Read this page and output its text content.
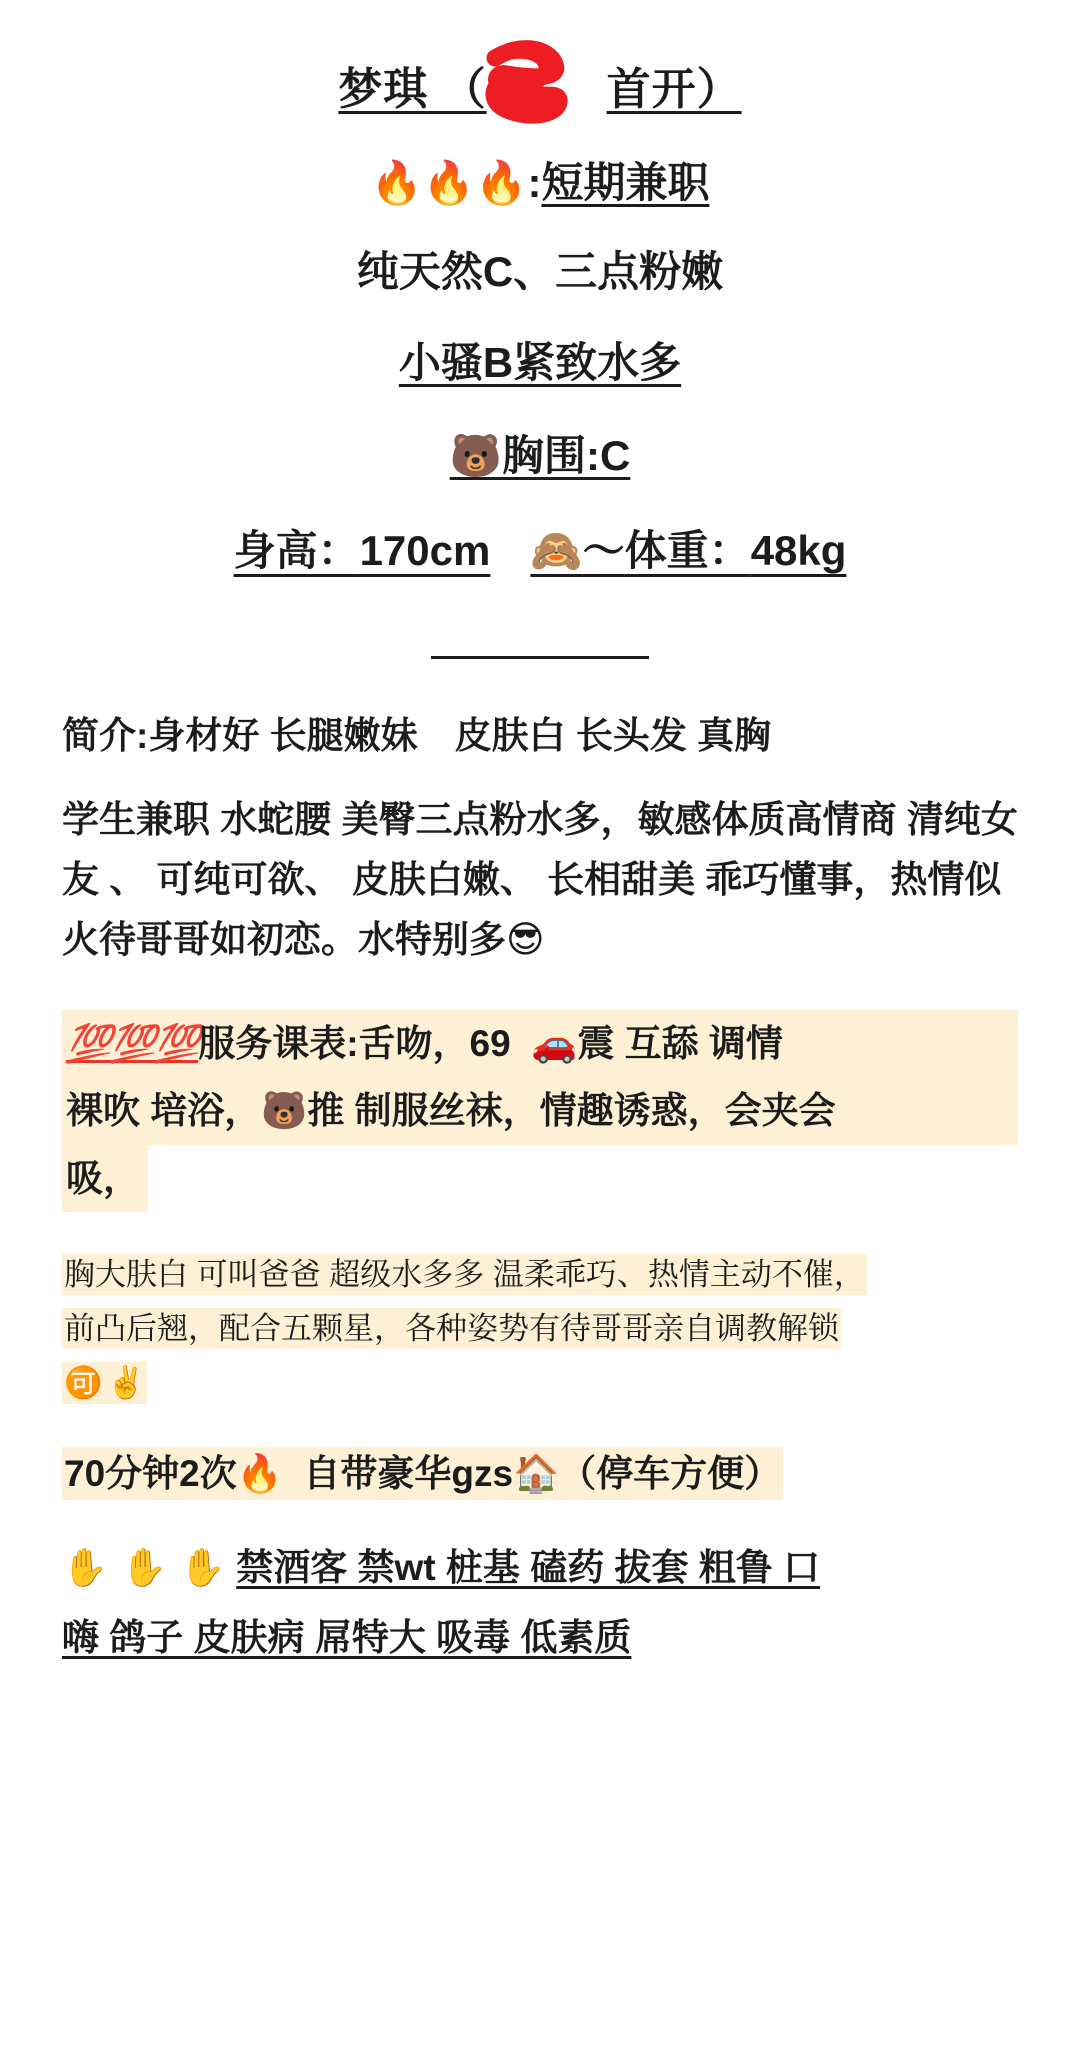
梦琪 （	首开）
🔥🔥🔥:短期兼职
纯天然C、三点粉嫩
小骚B紧致水多
🐻胸围:C
身高：170cm 🙈～体重：48kg
简介:身材好 长腿嫩妹　皮肤白 长头发 真胸
学生兼职 水蛇腰 美臀三点粉水多，敏感体质高情商 清纯女友 、 可纯可欲、 皮肤白嫩、 长相甜美 乖巧懂事，热情似火待哥哥如初恋。水特别多😎
💯💯💯服务课表:舌吻，69 🚗震 互舔 调情
裸吹 培浴，🐻推 制服丝袜，情趣诱惑，会夹会
吸，
胸大肤白 可叫爸爸 超级水多多 温柔乖巧、热情主动不催，
前凸后翘，配合五颗星，各种姿势有待哥哥亲自调教解锁
🉑 ✌️
70分钟2次🔥 自带豪华gzs🏠（停车方便）
✋ ✋ ✋ 禁酒客 禁wt 桩基 磕药 拔套 粗鲁 口
嗨 鸽子 皮肤病 屌特大 吸毒 低素质
